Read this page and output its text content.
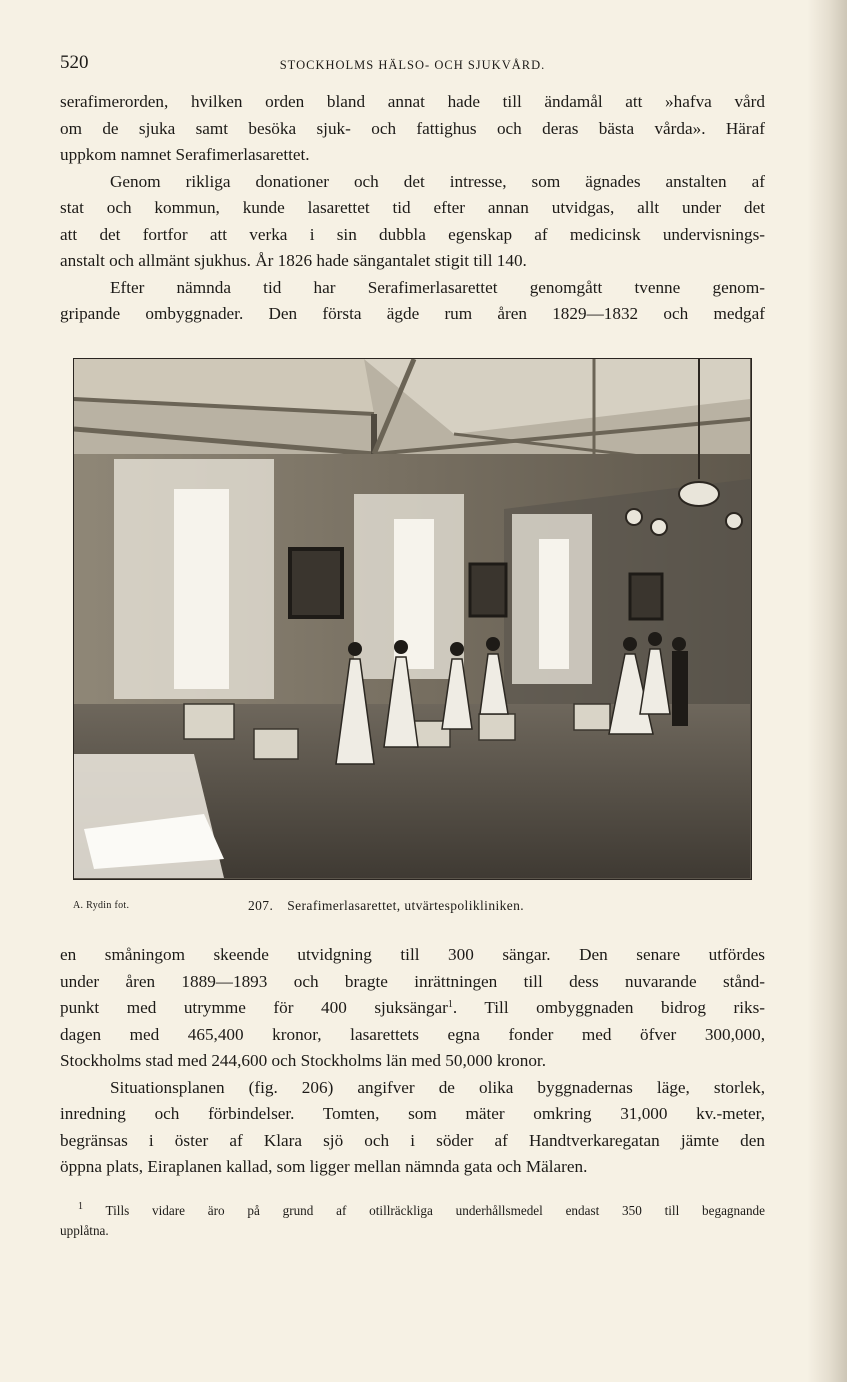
520	STOCKHOLMS HÄLSO- OCH SJUKVÅRD.
serafimerorden, hvilken orden bland annat hade till ändamål att »hafva vård
om de sjuka samt besöka sjuk- och fattighus och deras bästa vårda». Häraf
uppkom namnet Serafimerlasarettet.
Genom rikliga donationer och det intresse, som ägnades anstalten af
stat och kommun, kunde lasarettet tid efter annan utvidgas, allt under det
att det fortfor att verka i sin dubbla egenskap af medicinsk undervisnings-
anstalt och allmänt sjukhus. År 1826 hade sängantalet stigit till 140.
Efter nämnda tid har Serafimerlasarettet genomgått tvenne genom-
gripande ombyggnader. Den första ägde rum åren 1829—1832 och medgaf
A. Rydin fot.	207. Serafimerlasarettet, utvärtespolikliniken.
en småningom skeende utvidgning till 300 sängar. Den senare utfördes
under åren 1889—1893 och bragte inrättningen till dess nuvarande stånd-
punkt med utrymme för 400 sjuksängar$^1$. Till ombyggnaden bidrog riks-
dagen med 465,400 kronor, lasarettets egna fonder med öfver 300,000,
Stockholms stad med 244,600 och Stockholms län med 50,000 kronor.
Situationsplanen (fig. 206) angifver de olika byggnadernas läge, storlek,
inredning och förbindelser. Tomten, som mäter omkring 31,000 kv.-meter,
begränsas i öster af Klara sjö och i söder af Handtverkaregatan jämte den
öppna plats, Eiraplanen kallad, som ligger mellan nämnda gata och Mälaren.
$^1$ Tills vidare äro på grund af otillräckliga underhållsmedel endast 350 till begagnande
upplåtna.
